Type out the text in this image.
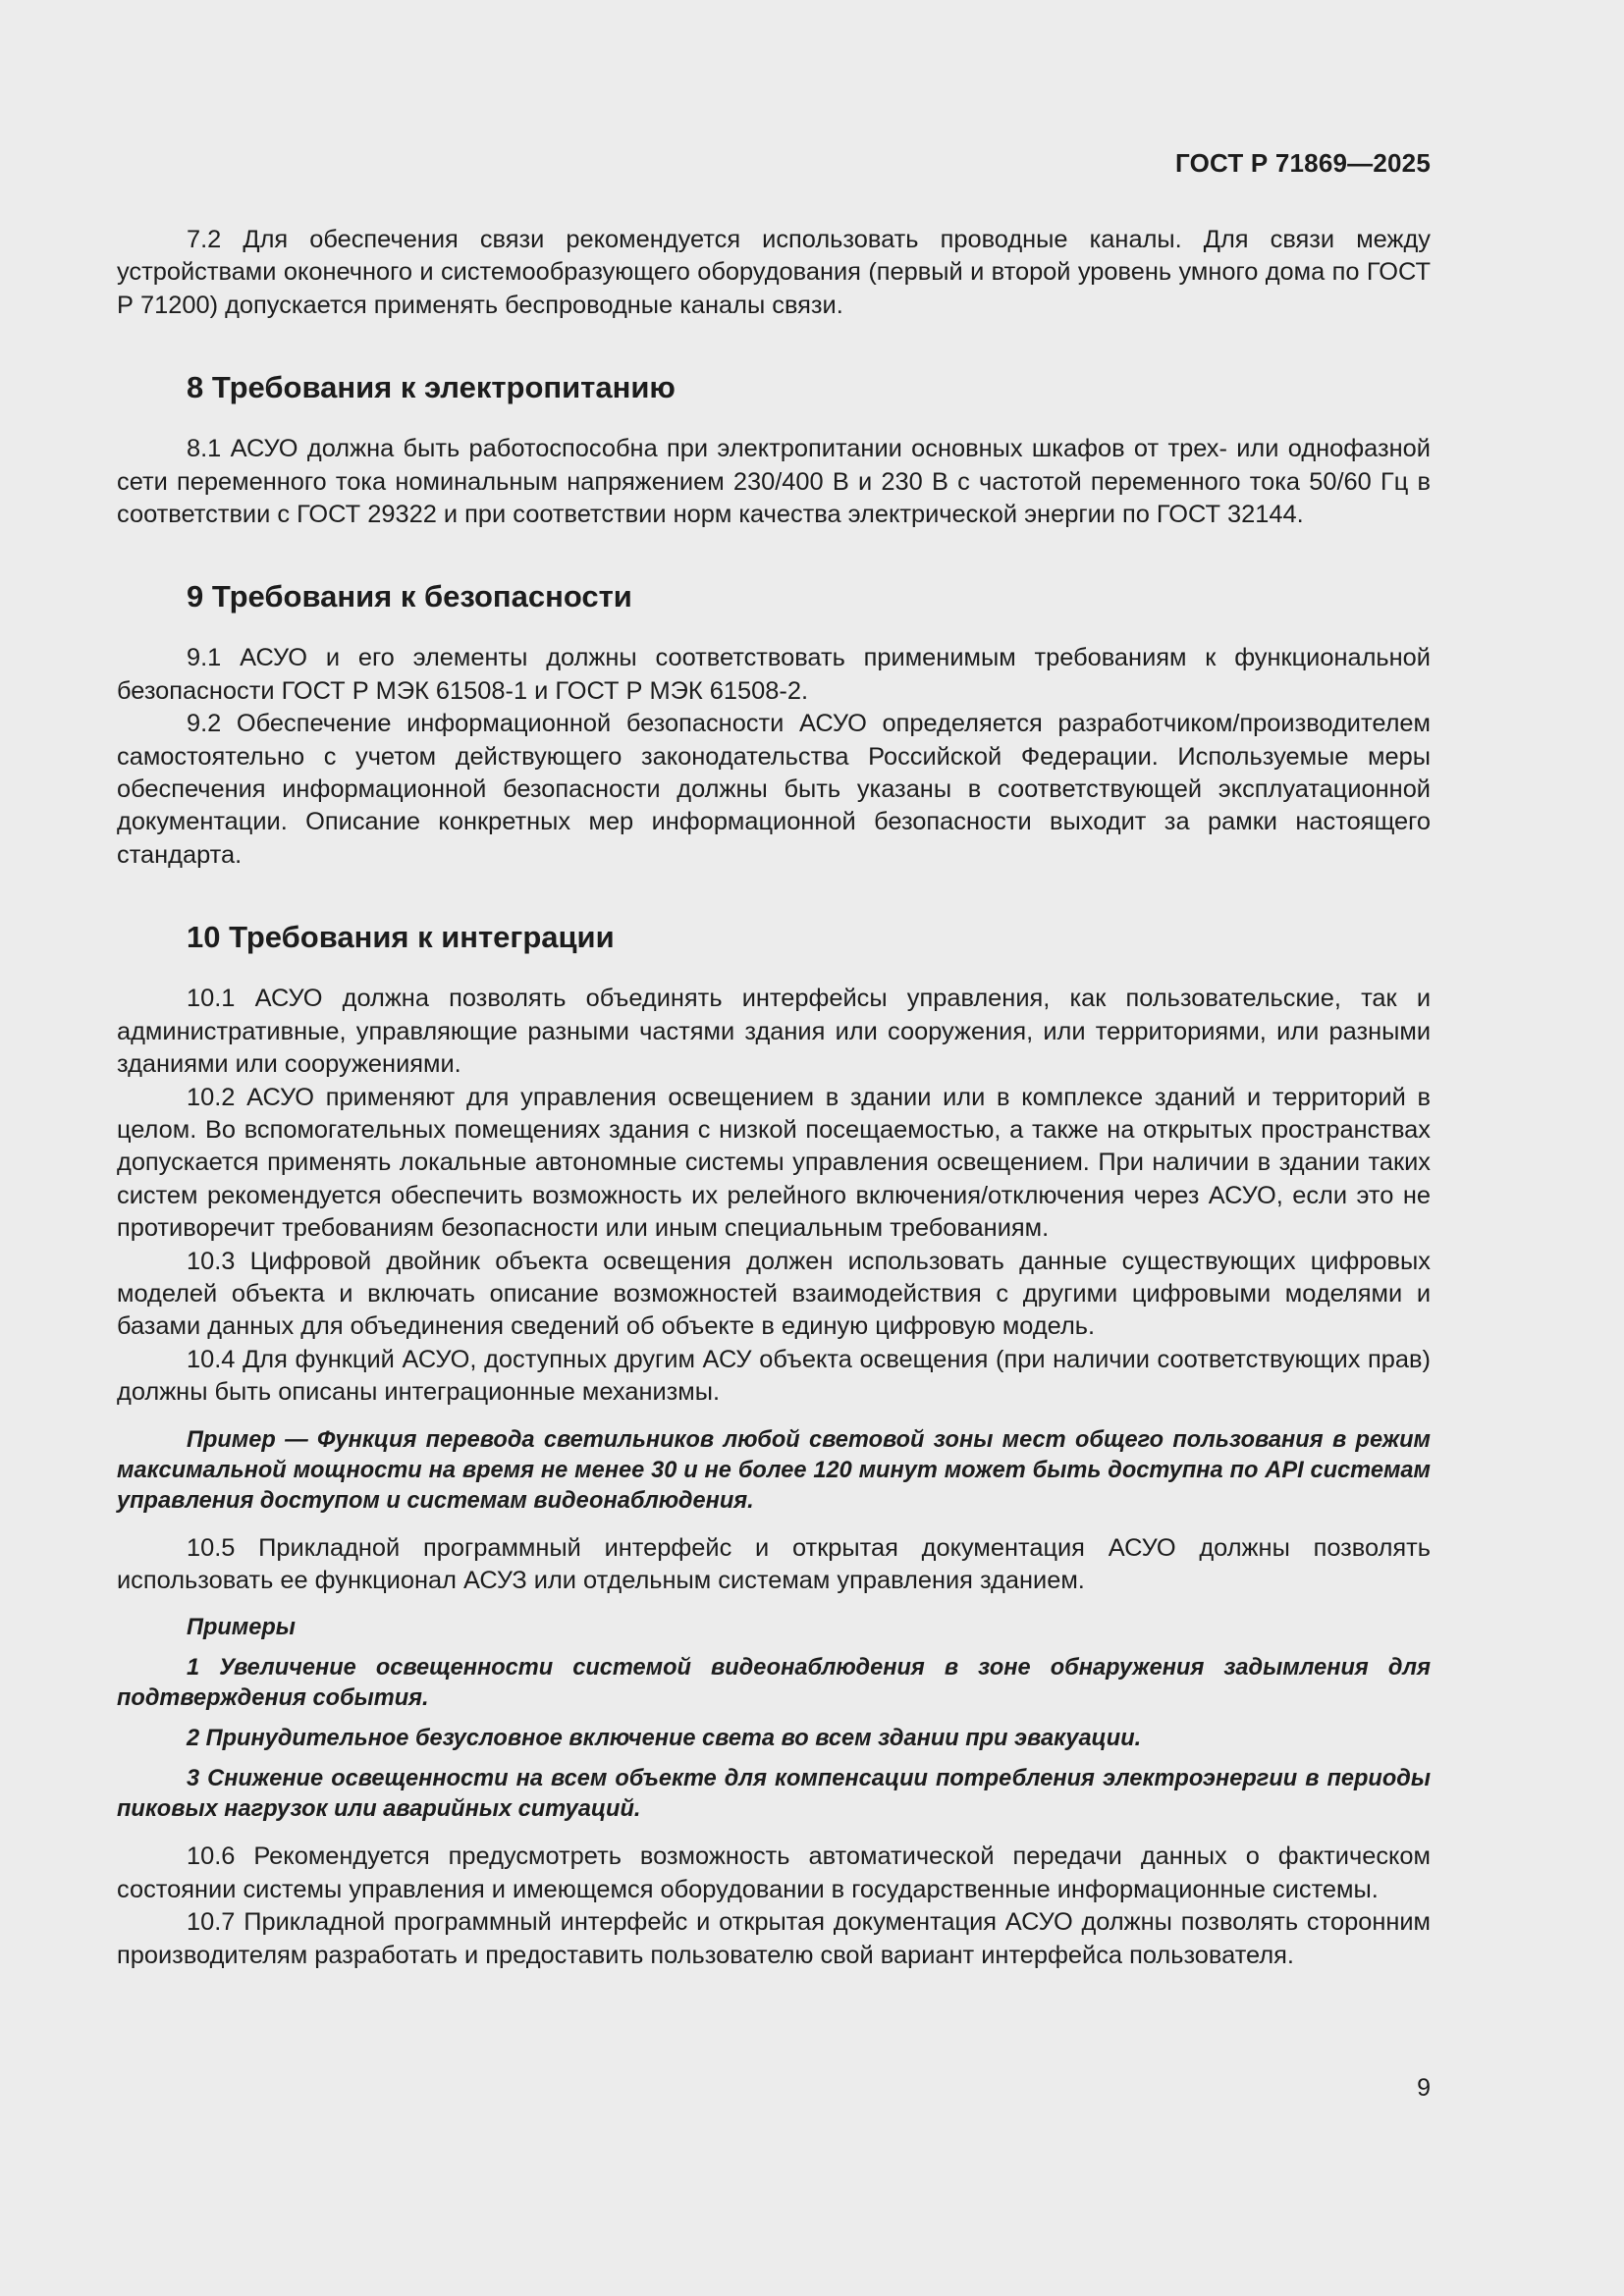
ГОСТ Р 71869—2025

7.2 Для обеспечения связи рекомендуется использовать проводные каналы. Для связи между устройствами оконечного и системообразующего оборудования (первый и второй уровень умного дома по ГОСТ Р 71200) допускается применять беспроводные каналы связи.

8 Требования к электропитанию

8.1 АСУО должна быть работоспособна при электропитании основных шкафов от трех- или однофазной сети переменного тока номинальным напряжением 230/400 В и 230 В с частотой переменного тока 50/60 Гц в соответствии с ГОСТ 29322 и при соответствии норм качества электрической энергии по ГОСТ 32144.

9 Требования к безопасности

9.1 АСУО и его элементы должны соответствовать применимым требованиям к функциональной безопасности ГОСТ Р МЭК 61508-1 и ГОСТ Р МЭК 61508-2.

9.2 Обеспечение информационной безопасности АСУО определяется разработчиком/производителем самостоятельно с учетом действующего законодательства Российской Федерации. Используемые меры обеспечения информационной безопасности должны быть указаны в соответствующей эксплуатационной документации. Описание конкретных мер информационной безопасности выходит за рамки настоящего стандарта.

10 Требования к интеграции

10.1 АСУО должна позволять объединять интерфейсы управления, как пользовательские, так и административные, управляющие разными частями здания или сооружения, или территориями, или разными зданиями или сооружениями.

10.2 АСУО применяют для управления освещением в здании или в комплексе зданий и территорий в целом. Во вспомогательных помещениях здания с низкой посещаемостью, а также на открытых пространствах допускается применять локальные автономные системы управления освещением. При наличии в здании таких систем рекомендуется обеспечить возможность их релейного включения/отключения через АСУО, если это не противоречит требованиям безопасности или иным специальным требованиям.

10.3 Цифровой двойник объекта освещения должен использовать данные существующих цифровых моделей объекта и включать описание возможностей взаимодействия с другими цифровыми моделями и базами данных для объединения сведений об объекте в единую цифровую модель.

10.4 Для функций АСУО, доступных другим АСУ объекта освещения (при наличии соответствующих прав) должны быть описаны интеграционные механизмы.

Пример — Функция перевода светильников любой световой зоны мест общего пользования в режим максимальной мощности на время не менее 30 и не более 120 минут может быть доступна по API системам управления доступом и системам видеонаблюдения.

10.5 Прикладной программный интерфейс и открытая документация АСУО должны позволять использовать ее функционал АСУЗ или отдельным системам управления зданием.

Примеры

1 Увеличение освещенности системой видеонаблюдения в зоне обнаружения задымления для подтверждения события.

2 Принудительное безусловное включение света во всем здании при эвакуации.

3 Снижение освещенности на всем объекте для компенсации потребления электроэнергии в периоды пиковых нагрузок или аварийных ситуаций.

10.6 Рекомендуется предусмотреть возможность автоматической передачи данных о фактическом состоянии системы управления и имеющемся оборудовании в государственные информационные системы.

10.7 Прикладной программный интерфейс и открытая документация АСУО должны позволять сторонним производителям разработать и предоставить пользователю свой вариант интерфейса пользователя.

9
